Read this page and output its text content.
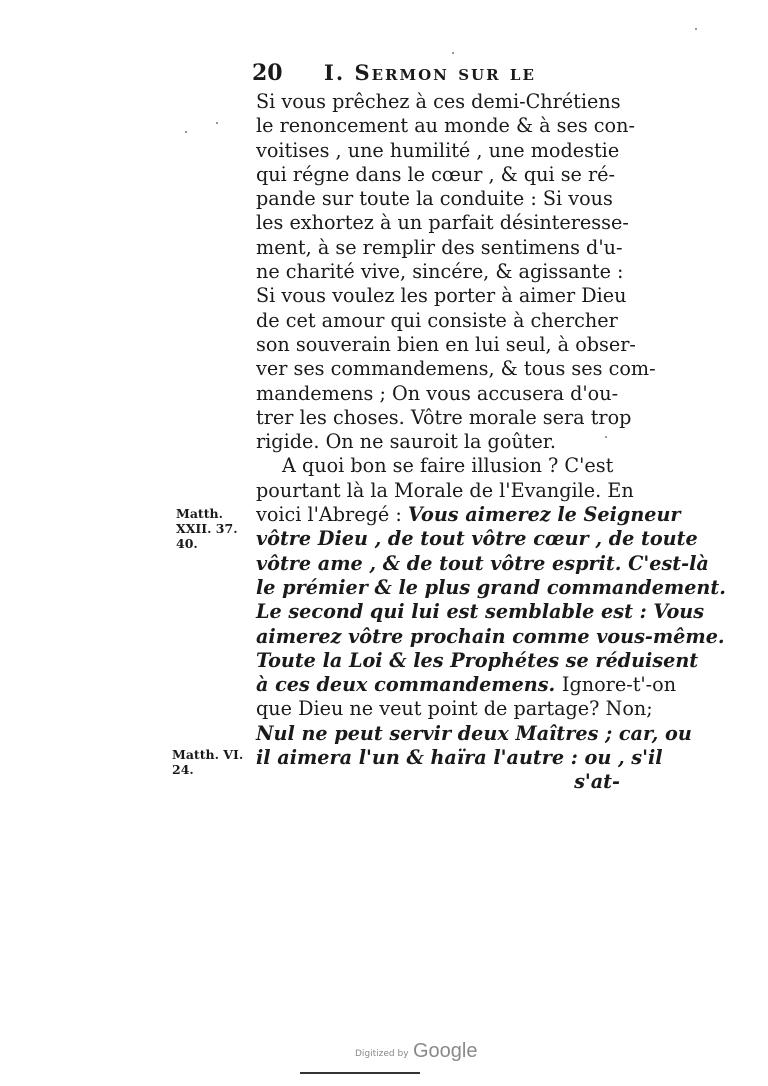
20 I. Sermon sur le
Si vous prêchez à ces demi-Chrétiens
le renoncement au monde & à ses con-
voitises , une humilité , une modestie
qui régne dans le cœur , & qui se ré-
pande sur toute la conduite : Si vous
les exhortez à un parfait désinteresse-
ment, à se remplir des sentimens d'u-
ne charité vive, sincére, & agissante :
Si vous voulez les porter à aimer Dieu
de cet amour qui consiste à chercher
son souverain bien en lui seul, à obser-
ver ses commandemens, & tous ses com-
mandemens ; On vous accusera d'ou-
trer les choses. Vôtre morale sera trop
rigide. On ne sauroit la goûter.
A quoi bon se faire illusion ? C'est
pourtant là la Morale de l'Evangile. En
voici l'Abregé : Vous aimerez le Seigneur
vôtre Dieu , de tout vôtre cœur , de toute
vôtre ame , & de tout vôtre esprit. C'est-là
le prémier & le plus grand commandement.
Le second qui lui est semblable est : Vous
aimerez vôtre prochain comme vous-même.
Toute la Loi & les Prophétes se réduisent
à ces deux commandemens. Ignore-t'-on
que Dieu ne veut point de partage? Non;
Nul ne peut servir deux Maîtres ; car, ou
il aimera l'un & haïra l'autre : ou , s'il
s'at-
Matth.
XXII. 37.
40.
Matth. VI.
24.
Digitized by Google
